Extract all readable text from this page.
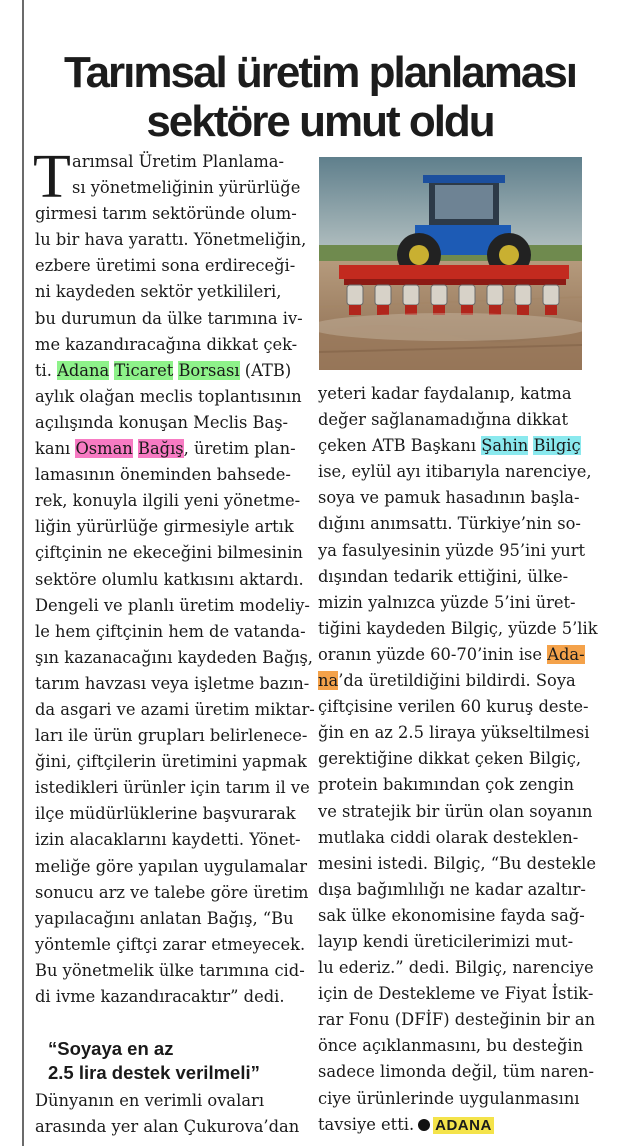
Tarımsal üretim planlaması
sektöre umut oldu
T arımsal Üretim Planlama-
sı yönetmeliğinin yürürlüğe
girmesi tarım sektöründe olum-
lu bir hava yarattı. Yönetmeliğin,
ezbere üretimi sona erdireceği-
ni kaydeden sektör yetkilileri,
bu durumun da ülke tarımına iv-
me kazandıracağına dikkat çek-
ti. Adana Ticaret Borsası (ATB)
aylık olağan meclis toplantısının
açılışında konuşan Meclis Baş-
kanı Osman Bağış, üretim plan-
lamasının öneminden bahsede-
rek, konuyla ilgili yeni yönetme-
liğin yürürlüğe girmesiyle artık
çiftçinin ne ekeceğini bilmesinin
sektöre olumlu katkısını aktardı.
Dengeli ve planlı üretim modeliy-
le hem çiftçinin hem de vatanda-
şın kazanacağını kaydeden Bağış,
tarım havzası veya işletme bazın-
da asgari ve azami üretim miktar-
ları ile ürün grupları belirlenece-
ğini, çiftçilerin üretimini yapmak
istedikleri ürünler için tarım il ve
ilçe müdürlüklerine başvurarak
izin alacaklarını kaydetti. Yönet-
meliğe göre yapılan uygulamalar
sonucu arz ve talebe göre üretim
yapılacağını anlatan Bağış, “Bu
yöntemle çiftçi zarar etmeyecek.
Bu yönetmelik ülke tarımına cid-
di ivme kazandıracaktır” dedi.
“Soyaya en az
2.5 lira destek verilmeli”
Dünyanın en verimli ovaları
arasında yer alan Çukurova’dan
yeteri kadar faydalanıp, katma
değer sağlanamadığına dikkat
çeken ATB Başkanı Şahin Bilgiç
ise, eylül ayı itibarıyla narenciye,
soya ve pamuk hasadının başla-
dığını anımsattı. Türkiye’nin so-
ya fasulyesinin yüzde 95’ini yurt
dışından tedarik ettiğini, ülke-
mizin yalnızca yüzde 5’ini üret-
tiğini kaydeden Bilgiç, yüzde 5’lik
oranın yüzde 60-70’inin ise Ada-
na’da üretildiğini bildirdi. Soya
çiftçisine verilen 60 kuruş deste-
ğin en az 2.5 liraya yükseltilmesi
gerektiğine dikkat çeken Bilgiç,
protein bakımından çok zengin
ve stratejik bir ürün olan soyanın
mutlaka ciddi olarak desteklen-
mesini istedi. Bilgiç, “Bu destekle
dışa bağımlılığı ne kadar azaltır-
sak ülke ekonomisine fayda sağ-
layıp kendi üreticilerimizi mut-
lu ederiz.” dedi. Bilgiç, narenciye
için de Destekleme ve Fiyat İstik-
rar Fonu (DFİF) desteğinin bir an
önce açıklanmasını, bu desteğin
sadece limonda değil, tüm naren-
ciye ürünlerinde uygulanmasını
tavsiye etti. ADANA
